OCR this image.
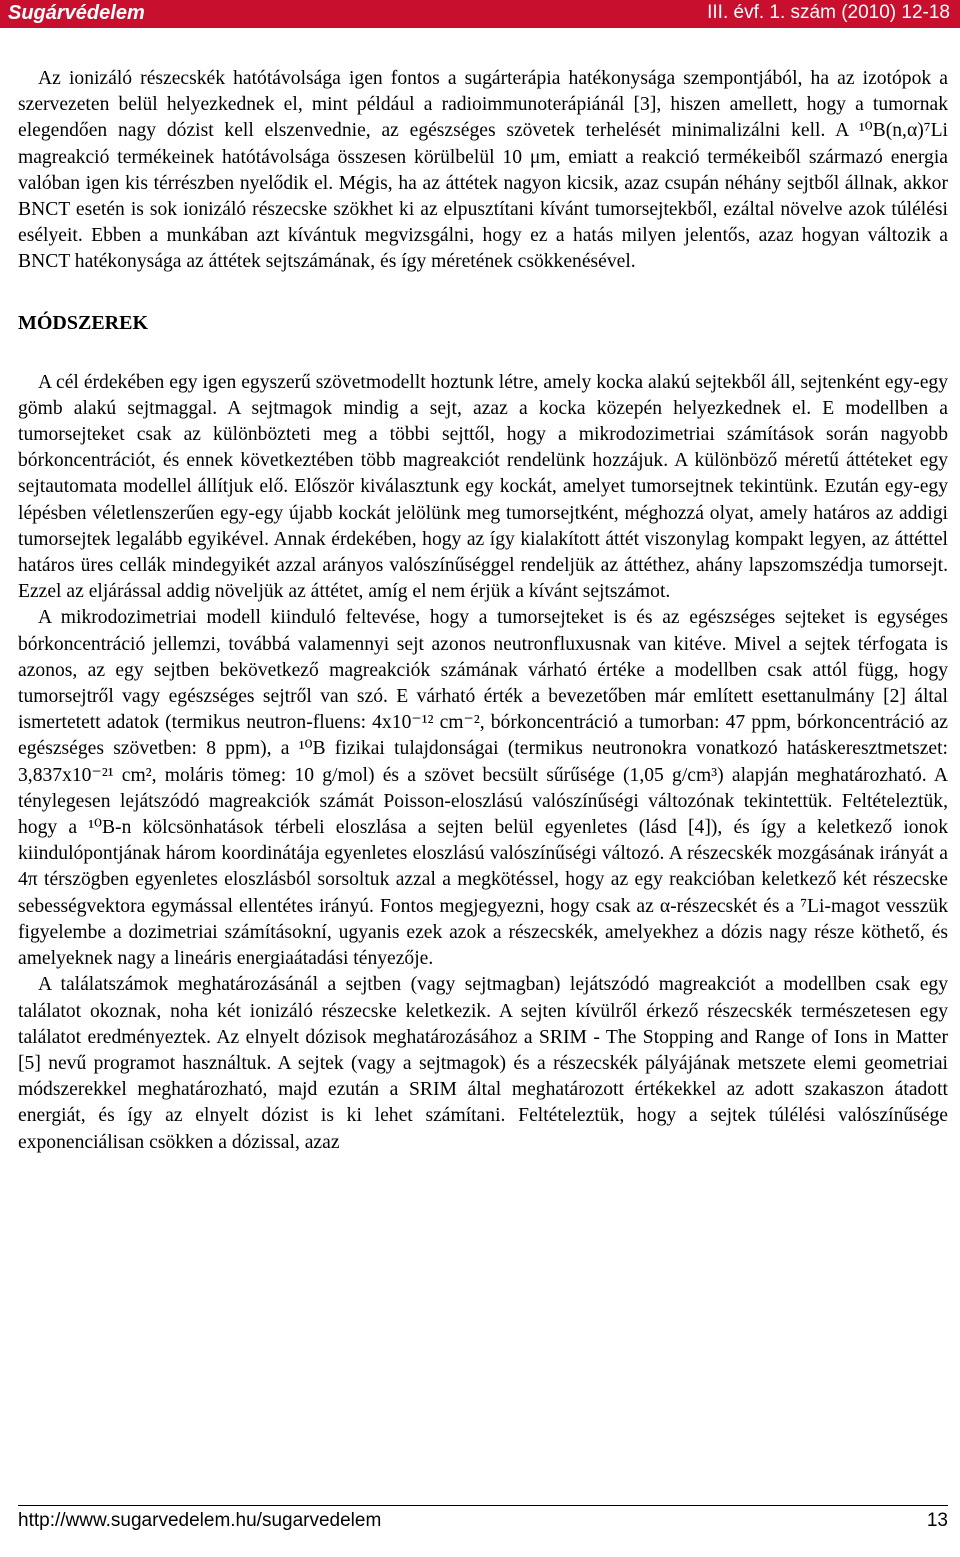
Sugárvédelem	III. évf. 1. szám (2010) 12-18

Az ionizáló részecskék hatótávolsága igen fontos a sugárterápia hatékonysága szempontjából, ha az izotópok a szervezeten belül helyezkednek el, mint például a radioimmunoterápiánál [3], hiszen amellett, hogy a tumornak elegendően nagy dózist kell elszenvednie, az egészséges szövetek terhelését minimalizálni kell. A ¹⁰B(n,α)⁷Li magreakció termékeinek hatótávolsága összesen körülbelül 10 μm, emiatt a reakció termékeiből származó energia valóban igen kis térrészben nyelődik el. Mégis, ha az áttétek nagyon kicsik, azaz csupán néhány sejtből állnak, akkor BNCT esetén is sok ionizáló részecske szökhet ki az elpusztítani kívánt tumorsejtekből, ezáltal növelve azok túlélési esélyeit. Ebben a munkában azt kívántuk megvizsgálni, hogy ez a hatás milyen jelentős, azaz hogyan változik a BNCT hatékonysága az áttétek sejtszámának, és így méretének csökkenésével.

MÓDSZEREK

A cél érdekében egy igen egyszerű szövetmodellt hoztunk létre, amely kocka alakú sejtekből áll, sejtenként egy-egy gömb alakú sejtmaggal. A sejtmagok mindig a sejt, azaz a kocka közepén helyezkednek el. E modellben a tumorsejteket csak az különbözteti meg a többi sejttől, hogy a mikrodozimetriai számítások során nagyobb bórkoncentrációt, és ennek következtében több magreakciót rendelünk hozzájuk. A különböző méretű áttéteket egy sejtautomata modellel állítjuk elő. Először kiválasztunk egy kockát, amelyet tumorsejtnek tekintünk. Ezután egy-egy lépésben véletlenszerűen egy-egy újabb kockát jelölünk meg tumorsejtként, méghozzá olyat, amely határos az addigi tumorsejtek legalább egyikével. Annak érdekében, hogy az így kialakított áttét viszonylag kompakt legyen, az áttéttel határos üres cellák mindegyikét azzal arányos valószínűséggel rendeljük az áttéthez, ahány lapszomszédja tumorsejt. Ezzel az eljárással addig növeljük az áttétet, amíg el nem érjük a kívánt sejtszámot.

A mikrodozimetriai modell kiinduló feltevése, hogy a tumorsejteket is és az egészséges sejteket is egységes bórkoncentráció jellemzi, továbbá valamennyi sejt azonos neutronfluxusnak van kitéve. Mivel a sejtek térfogata is azonos, az egy sejtben bekövetkező magreakciók számának várható értéke a modellben csak attól függ, hogy tumorsejtről vagy egészséges sejtről van szó. E várható érték a bevezetőben már említett esettanulmány [2] által ismertetett adatok (termikus neutron-fluens: 4x10⁻¹² cm⁻², bórkoncentráció a tumorban: 47 ppm, bórkoncentráció az egészséges szövetben: 8 ppm), a ¹⁰B fizikai tulajdonságai (termikus neutronokra vonatkozó hatáskeresztmetszet: 3,837x10⁻²¹ cm², moláris tömeg: 10 g/mol) és a szövet becsült sűrűsége (1,05 g/cm³) alapján meghatározható. A ténylegesen lejátszódó magreakciók számát Poisson-eloszlású valószínűségi változónak tekintettük. Feltételeztük, hogy a ¹⁰B-n kölcsönhatások térbeli eloszlása a sejten belül egyenletes (lásd [4]), és így a keletkező ionok kiindulópontjának három koordinátája egyenletes eloszlású valószínűségi változó. A részecskék mozgásának irányát a 4π térszögben egyenletes eloszlásból sorsoltuk azzal a megkötéssel, hogy az egy reakcióban keletkező két részecske sebességvektora egymással ellentétes irányú. Fontos megjegyezni, hogy csak az α-részecskét és a ⁷Li-magot vesszük figyelembe a dozimetriai számításokní, ugyanis ezek azok a részecskék, amelyekhez a dózis nagy része köthető, és amelyeknek nagy a lineáris energiaátadási tényezője.

A találatszámok meghatározásánál a sejtben (vagy sejtmagban) lejátszódó magreakciót a modellben csak egy találatot okoznak, noha két ionizáló részecske keletkezik. A sejten kívülről érkező részecskék természetesen egy találatot eredményeztek. Az elnyelt dózisok meghatározásához a SRIM - The Stopping and Range of Ions in Matter [5] nevű programot használtuk. A sejtek (vagy a sejtmagok) és a részecskék pályájának metszete elemi geometriai módszerekkel meghatározható, majd ezután a SRIM által meghatározott értékekkel az adott szakaszon átadott energiát, és így az elnyelt dózist is ki lehet számítani. Feltételeztük, hogy a sejtek túlélési valószínűsége exponenciálisan csökken a dózissal, azaz

http://www.sugarvedelem.hu/sugarvedelem	13
